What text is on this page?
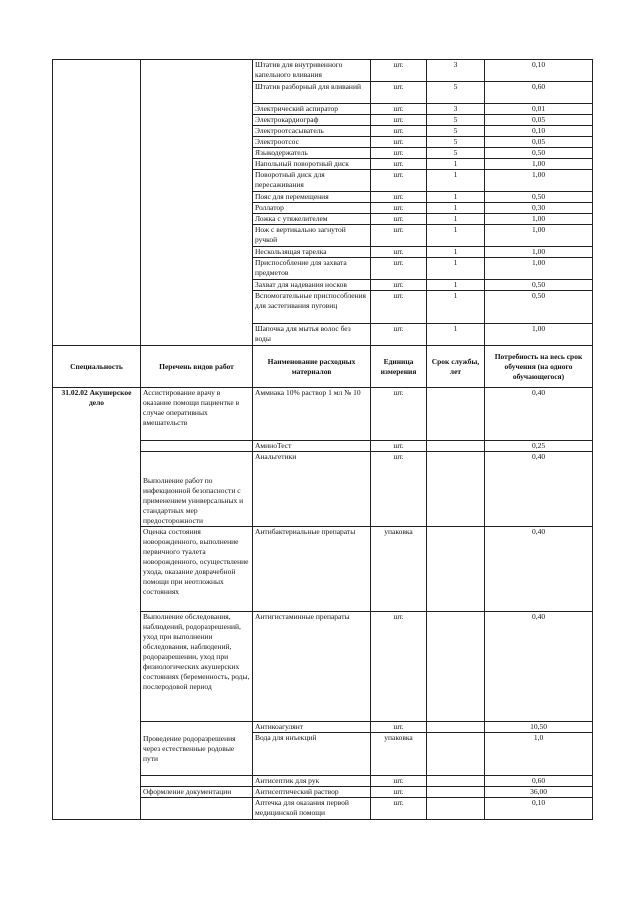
		Штатив для внутривенного капельного вливания	шт.	3	0,10
		Штатив разборный для вливаний	шт.	5	0,60
		Электрический аспиратор	шт.	3	0,01
		Электрокардиограф	шт.	5	0,05
		Электроотсасыватель	шт.	5	0,10
		Электроотсос	шт.	5	0,05
		Языкодержатель	шт.	5	0,50
		Напольный поворотный диск	шт.	1	1,00
		Поворотный диск для пересаживания	шт.	1	1,00
		Пояс для перемещения	шт.	1	0,50
		Роллатор	шт.	1	0,30
		Ложка с утяжелителем	шт.	1	1,00
		Нож с вертикально загнутой ручкой	шт.	1	1,00
		Нескользящая тарелка	шт.	1	1,00
		Приспособление для захвата предметов	шт.	1	1,00
		Захват для надевания носков	шт.	1	0,50
		Вспомогательные приспособления для застегивания пуговиц	шт.	1	0,50
		Шапочка для мытья волос без воды	шт.	1	1,00
Специальность	Перечень видов работ	Наименование расходных материалов	Единица измерения	Срок службы, лет	Потребность на весь срок обучения (на одного обучающегося)
31.02.02 Акушерское дело	Ассистирование врачу в оказание помощи пациентке в случае оперативных вмешательств	Аммиака 10% раствор 1 мл № 10	шт.		0,40
		АминоТест	шт.		0,25
	Выполнение работ по инфекционной безопасности с применением универсальных и стандартных мер предосторожности	Анальгетики	шт.		0,40
	Оценка состояния новорожденного, выполнение первичного туалета новорожденного, осуществление ухода, оказание доврачебной помощи при неотложных состояниях	Антибактериальные препараты	упаковка		0,40
	Выполнение обследования, наблюдений, родоразрешений, уход при выполнении обследования, наблюдений, родоразрешении, уход при физиологических акушерских состояниях (беременность, роды, послеродовой период	Антигистаминные препараты	шт.		0,40
	Проведение родоразрешения через естественные родовые пути	Антикоагулянт	шт.		10,50
		Вода для инъекций	упаковка		1,0
		Антисептик для рук	шт.		0,60
	Оформление документации	Антисептический раствор	шт.		36,00
		Аптечка для оказания первой медицинской помощи	шт.		0,10
